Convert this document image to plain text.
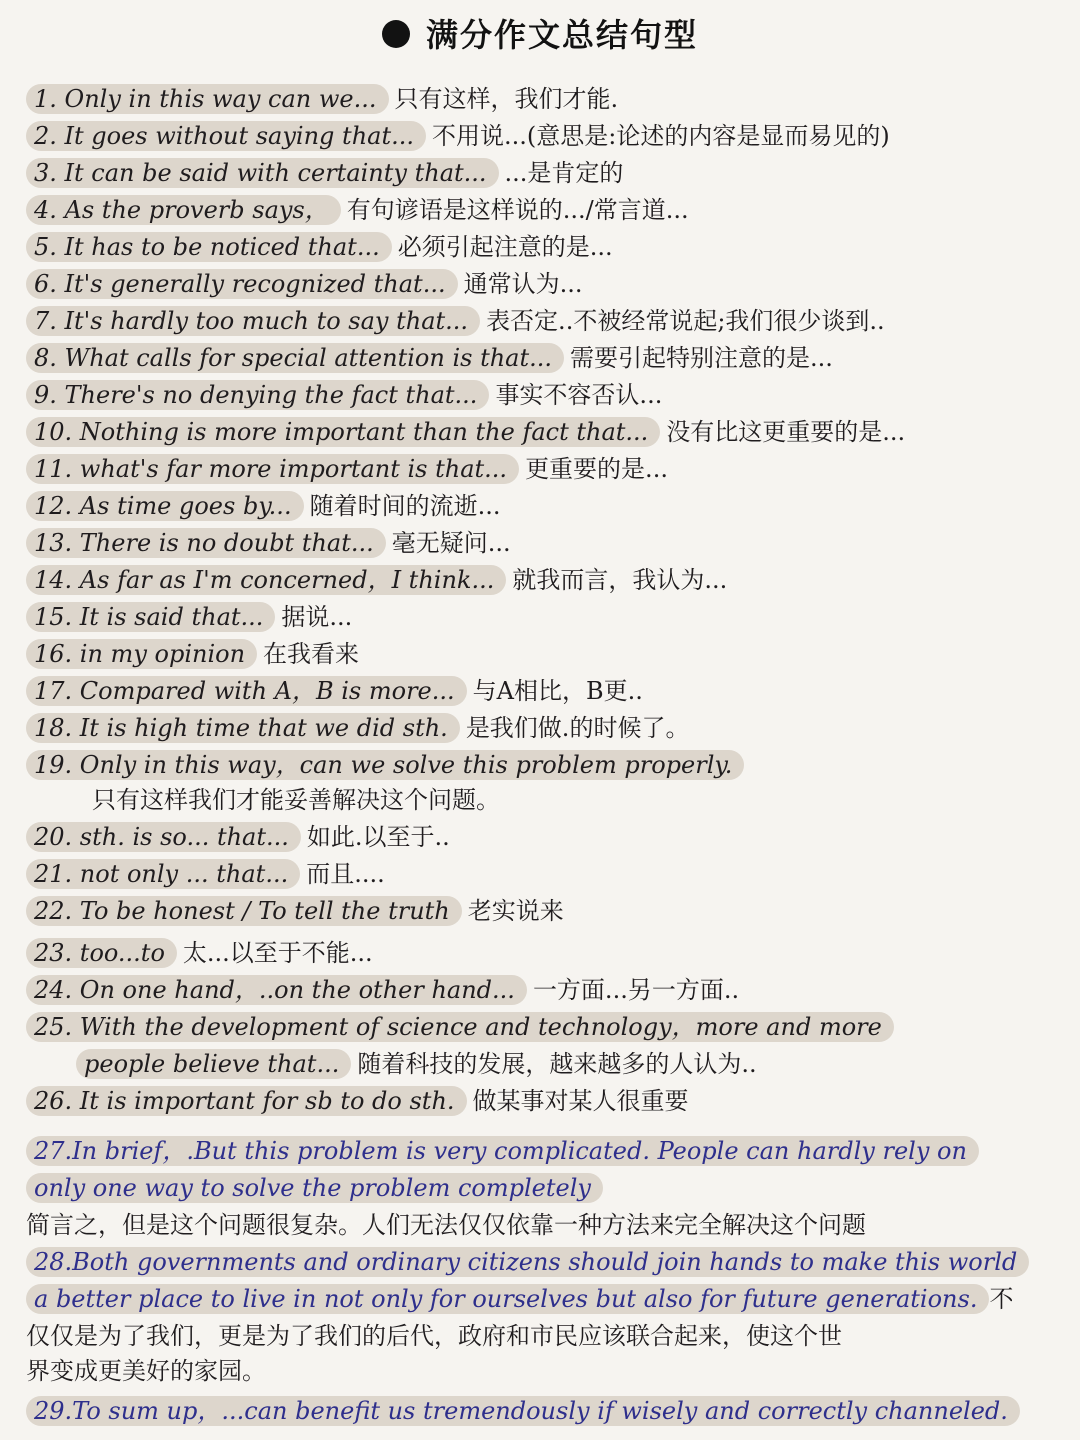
满分作文总结句型
1. Only in this way can we... 只有这样，我们才能.
2. It goes without saying that... 不用说...(意思是:论述的内容是显而易见的)
3. It can be said with certainty that... ...是肯定的
4. As the proverb says， 有句谚语是这样说的.../常言道...
5. It has to be noticed that... 必须引起注意的是...
6. It's generally recognized that... 通常认为...
7. It's hardly too much to say that... 表否定..不被经常说起;我们很少谈到..
8. What calls for special attention is that... 需要引起特别注意的是...
9. There's no denying the fact that... 事实不容否认...
10. Nothing is more important than the fact that... 没有比这更重要的是...
11. what's far more important is that... 更重要的是...
12. As time goes by... 随着时间的流逝...
13. There is no doubt that... 毫无疑问...
14. As far as I'm concerned，I think... 就我而言，我认为...
15. It is said that... 据说...
16. in my opinion 在我看来
17. Compared with A，B is more... 与A相比，B更..
18. It is high time that we did sth. 是我们做.的时候了。
19. Only in this way，can we solve this problem properly.
只有这样我们才能妥善解决这个问题。
20. sth. is so... that... 如此.以至于..
21. not only ... that... 而且....
22. To be honest / To tell the truth 老实说来
23. too...to 太...以至于不能...
24. On one hand，..on the other hand... 一方面...另一方面..
25. With the development of science and technology，more and more
people believe that... 随着科技的发展，越来越多的人认为..
26. It is important for sb to do sth. 做某事对某人很重要
27.In brief，.But this problem is very complicated. People can hardly rely on
only one way to solve the problem completely
简言之，但是这个问题很复杂。人们无法仅仅依靠一种方法来完全解决这个问题
28.Both governments and ordinary citizens should join hands to make this world
a better place to live in not only for ourselves but also for future generations. 不
仅仅是为了我们，更是为了我们的后代，政府和市民应该联合起来，使这个世
界变成更美好的家园。
29.To sum up，...can benefit us tremendously if wisely and correctly channeled.
